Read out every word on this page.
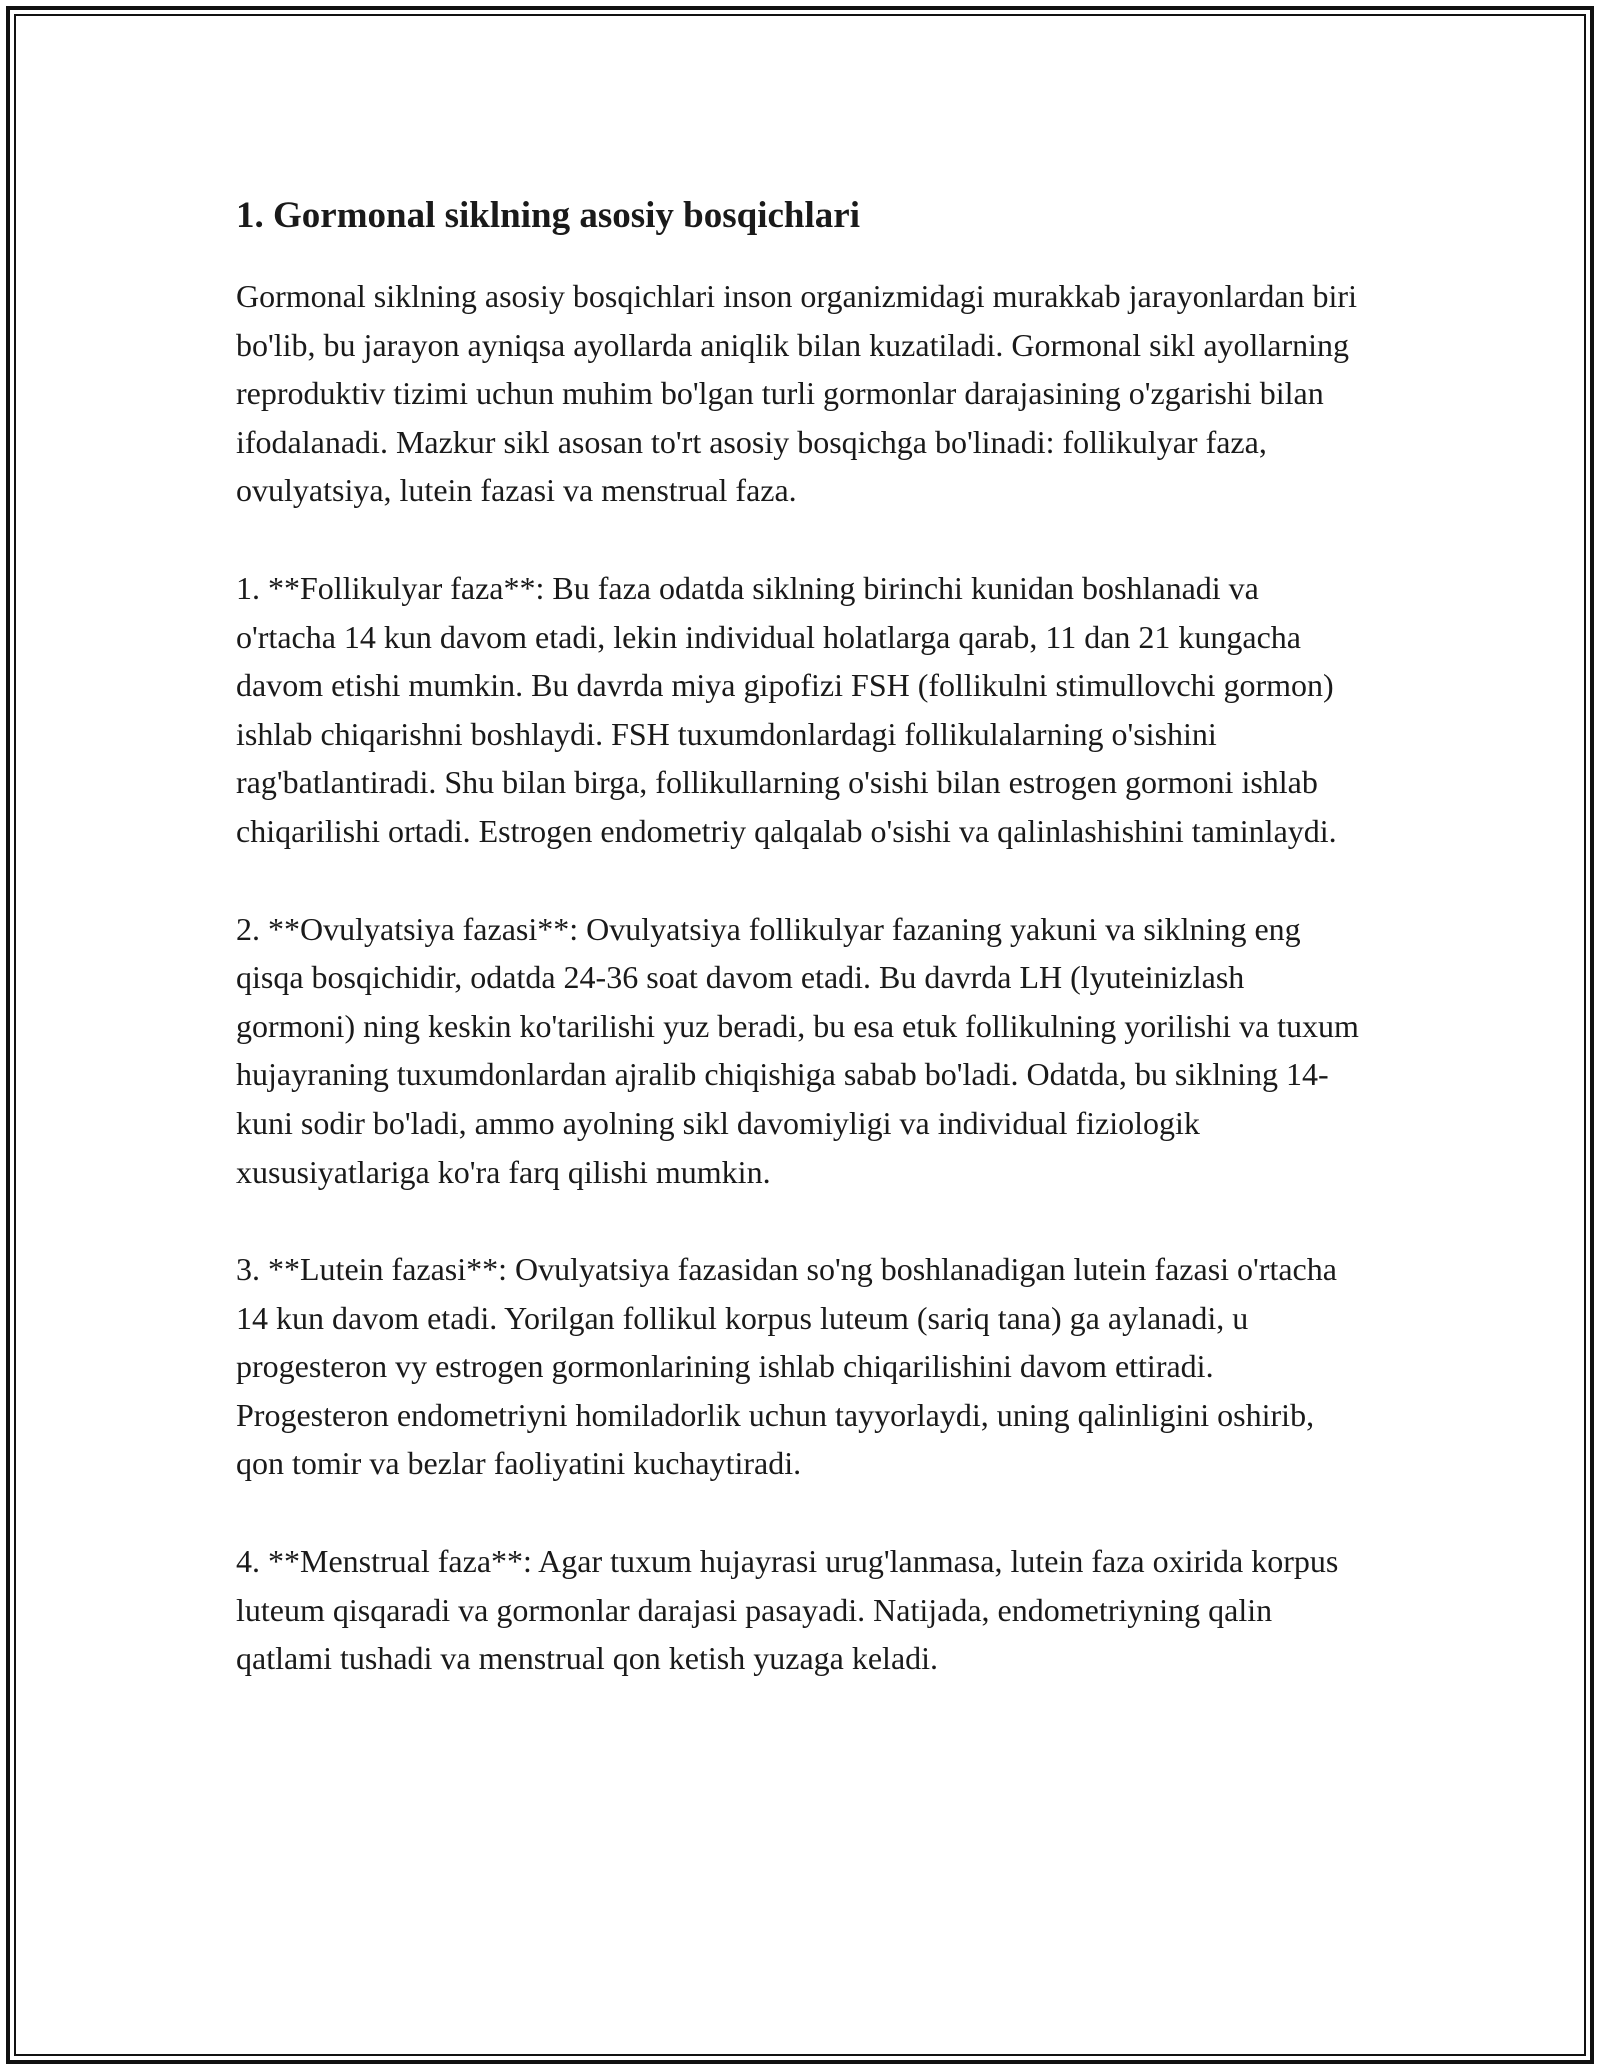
1. Gormonal siklning asosiy bosqichlari

Gormonal siklning asosiy bosqichlari inson organizmidagi murakkab jarayonlardan biri bo'lib, bu jarayon ayniqsa ayollarda aniqlik bilan kuzatiladi. Gormonal sikl ayollarning reproduktiv tizimi uchun muhim bo'lgan turli gormonlar darajasining o'zgarishi bilan ifodalanadi. Mazkur sikl asosan to'rt asosiy bosqichga bo'linadi: follikulyar faza, ovulyatsiya, lutein fazasi va menstrual faza.

1. **Follikulyar faza**: Bu faza odatda siklning birinchi kunidan boshlanadi va o'rtacha 14 kun davom etadi, lekin individual holatlarga qarab, 11 dan 21 kungacha davom etishi mumkin. Bu davrda miya gipofizi FSH (follikulni stimullovchi gormon) ishlab chiqarishni boshlaydi. FSH tuxumdonlardagi follikulalarning o'sishini rag'batlantiradi. Shu bilan birga, follikullarning o'sishi bilan estrogen gormoni ishlab chiqarilishi ortadi. Estrogen endometriy qalqalab o'sishi va qalinlashishini taminlaydi.

2. **Ovulyatsiya fazasi**: Ovulyatsiya follikulyar fazaning yakuni va siklning eng qisqa bosqichidir, odatda 24-36 soat davom etadi. Bu davrda LH (lyuteinizlash gormoni) ning keskin ko'tarilishi yuz beradi, bu esa etuk follikulning yorilishi va tuxum hujayraning tuxumdonlardan ajralib chiqishiga sabab bo'ladi. Odatda, bu siklning 14-kuni sodir bo'ladi, ammo ayolning sikl davomiyligi va individual fiziologik xususiyatlariga ko'ra farq qilishi mumkin.

3. **Lutein fazasi**: Ovulyatsiya fazasidan so'ng boshlanadigan lutein fazasi o'rtacha 14 kun davom etadi. Yorilgan follikul korpus luteum (sariq tana) ga aylanadi, u progesteron vy estrogen gormonlarining ishlab chiqarilishini davom ettiradi. Progesteron endometriyni homiladorlik uchun tayyorlaydi, uning qalinligini oshirib, qon tomir va bezlar faoliyatini kuchaytiradi.

4. **Menstrual faza**: Agar tuxum hujayrasi urug'lanmasa, lutein faza oxirida korpus luteum qisqaradi va gormonlar darajasi pasayadi. Natijada, endometriyning qalin qatlami tushadi va menstrual qon ketish yuzaga keladi.
